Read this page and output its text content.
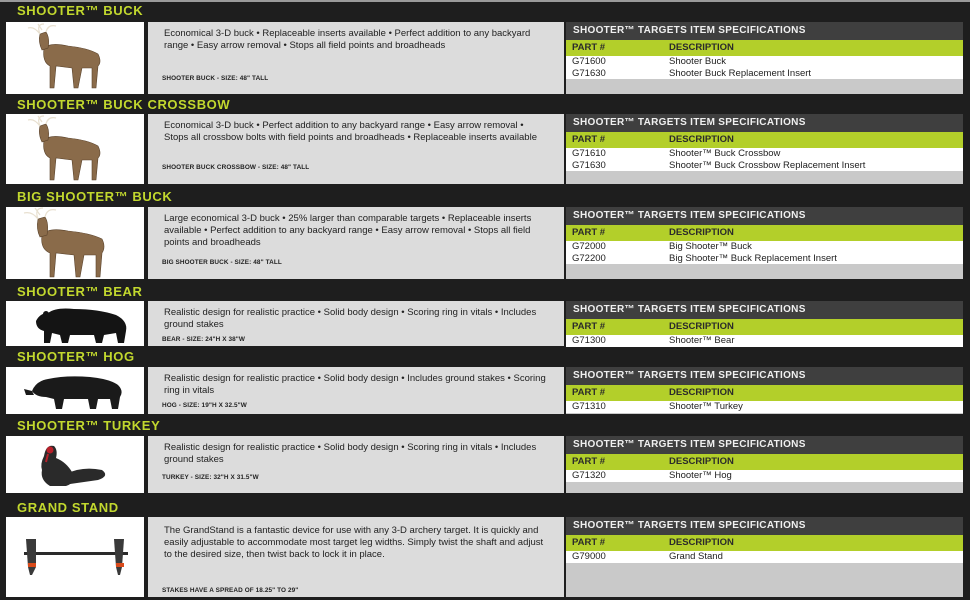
SHOOTER™ BUCK
Economical 3-D buck • Replaceable inserts available • Perfect addition to any backyard range • Easy arrow removal • Stops all field points and broadheads
SHOOTER BUCK - SIZE: 48" TALL
SHOOTER™ TARGETS ITEM SPECIFICATIONS
PART #	DESCRIPTION
G71600	Shooter Buck
G71630	Shooter Buck Replacement Insert
SHOOTER™ BUCK CROSSBOW
Economical 3-D buck • Perfect addition to any backyard range • Easy arrow removal • Stops all crossbow bolts with field points and broadheads • Replaceable inserts available
SHOOTER BUCK CROSSBOW - SIZE: 48" TALL
SHOOTER™ TARGETS ITEM SPECIFICATIONS
PART #	DESCRIPTION
G71610	Shooter™ Buck Crossbow
G71630	Shooter™ Buck Crossbow Replacement Insert
BIG SHOOTER™ BUCK
Large economical 3-D buck • 25% larger than comparable targets • Replaceable inserts available • Perfect addition to any backyard range • Easy arrow removal • Stops all field points and broadheads
BIG SHOOTER BUCK - SIZE: 48" TALL
SHOOTER™ TARGETS ITEM SPECIFICATIONS
PART #	DESCRIPTION
G72000	Big Shooter™ Buck
G72200	Big Shooter™ Buck Replacement Insert
SHOOTER™ BEAR
Realistic design for realistic practice • Solid body design • Scoring ring in vitals • Includes ground stakes
BEAR - SIZE: 24"H X 38"W
SHOOTER™ TARGETS ITEM SPECIFICATIONS
PART #	DESCRIPTION
G71300	Shooter™ Bear
SHOOTER™ HOG
Realistic design for realistic practice • Solid body design • Includes ground stakes • Scoring ring in vitals
HOG - SIZE: 19"H X 32.5"W
SHOOTER™ TARGETS ITEM SPECIFICATIONS
PART #	DESCRIPTION
G71310	Shooter™ Turkey
SHOOTER™ TURKEY
Realistic design for realistic practice • Solid body design • Scoring ring in vitals • Includes ground stakes
TURKEY - SIZE: 32"H X 31.5"W
SHOOTER™ TARGETS ITEM SPECIFICATIONS
PART #	DESCRIPTION
G71320	Shooter™ Hog
GRAND STAND
The GrandStand is a fantastic device for use with any 3-D archery target. It is quickly and easily adjustable to accommodate most target leg widths. Simply twist the shaft and adjust to the desired size, then twist back to lock it in place.
STAKES HAVE A SPREAD OF 18.25" TO 29"
SHOOTER™ TARGETS ITEM SPECIFICATIONS
PART #	DESCRIPTION
G79000	Grand Stand
